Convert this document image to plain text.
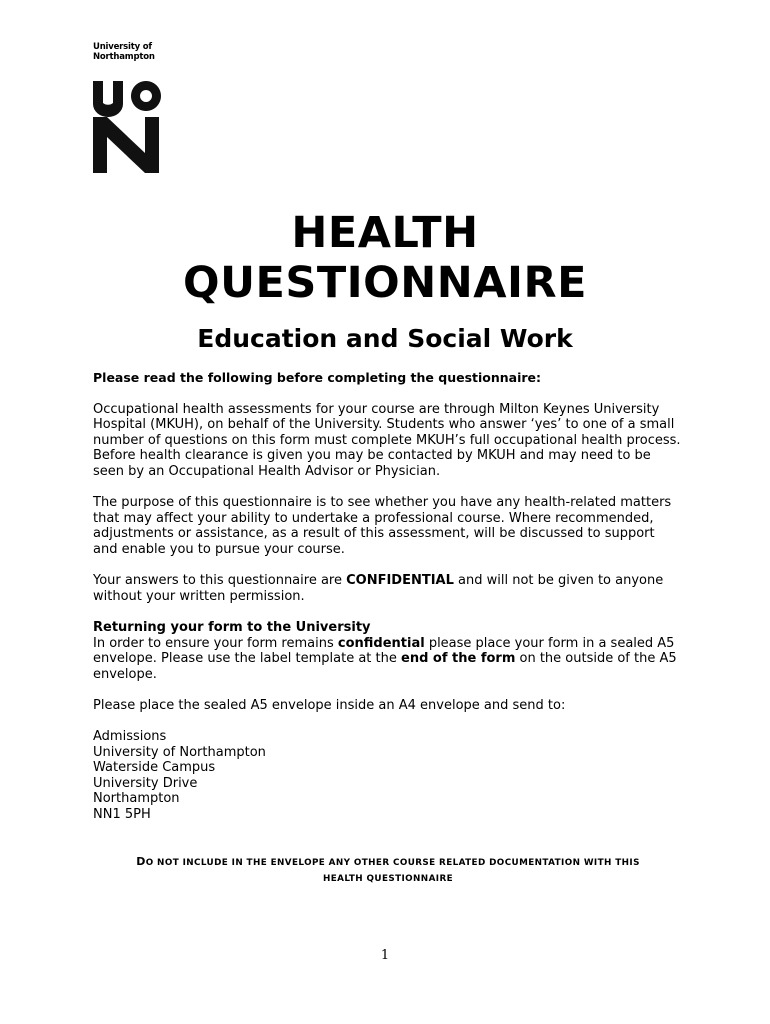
University of
Northampton
HEALTH QUESTIONNAIRE
Education and Social Work

Please read the following before completing the questionnaire:

Occupational health assessments for your course are through Milton Keynes University Hospital (MKUH), on behalf of the University. Students who answer ‘yes’ to one of a small number of questions on this form must complete MKUH’s full occupational health process. Before health clearance is given you may be contacted by MKUH and may need to be seen by an Occupational Health Advisor or Physician.

The purpose of this questionnaire is to see whether you have any health-related matters that may affect your ability to undertake a professional course. Where recommended, adjustments or assistance, as a result of this assessment, will be discussed to support and enable you to pursue your course.

Your answers to this questionnaire are CONFIDENTIAL and will not be given to anyone without your written permission.

Returning your form to the University

In order to ensure your form remains confidential please place your form in a sealed A5 envelope. Please use the label template at the end of the form on the outside of the A5 envelope.

Please place the sealed A5 envelope inside an A4 envelope and send to:

Admissions
University of Northampton
Waterside Campus
University Drive
Northampton
NN1 5PH

DO NOT INCLUDE IN THE ENVELOPE ANY OTHER COURSE RELATED DOCUMENTATION WITH THIS
HEALTH QUESTIONNAIRE
1
